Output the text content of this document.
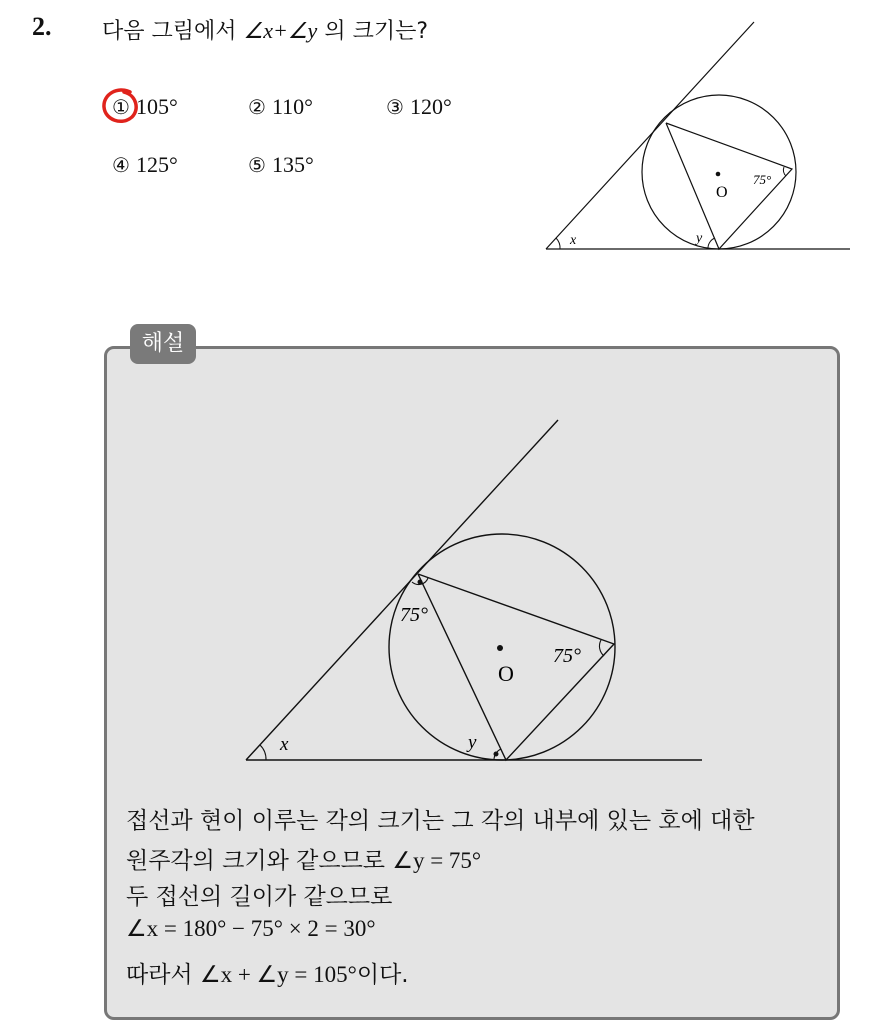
2. 다음 그림에서 ∠x+∠y 의 크기는?
① 105°	② 110°	③ 120°
④ 125°	⑤ 135°
O
75°
x	y
해설
O
75°
75°
x	y
접선과 현이 이루는 각의 크기는 그 각의 내부에 있는 호에 대한
원주각의 크기와 같으므로 ∠y = 75°
두 접선의 길이가 같으므로
∠x = 180° − 75° × 2 = 30°
따라서 ∠x + ∠y = 105°이다.
